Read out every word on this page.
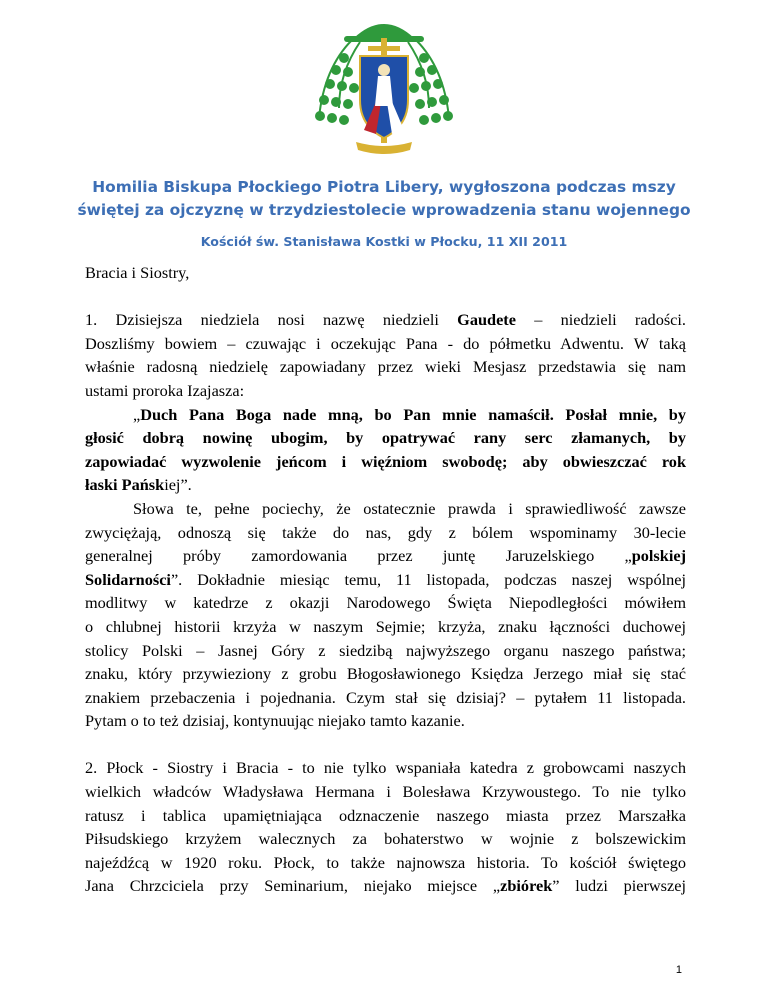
Homilia Biskupa Płockiego Piotra Libery, wygłoszona podczas mszy
świętej za ojczyznę w trzydziestolecie wprowadzenia stanu wojennego
Kościół św. Stanisława Kostki w Płocku, 11 XII 2011

Bracia i Siostry,

1. Dzisiejsza niedziela nosi nazwę niedzieli Gaudete – niedzieli radości.

Doszliśmy bowiem – czuwając i oczekując Pana - do półmetku Adwentu. W taką

właśnie radosną niedzielę zapowiadany przez wieki Mesjasz przedstawia się nam

ustami proroka Izajasza:

„Duch Pana Boga nade mną, bo Pan mnie namaścił. Posłał mnie, by

głosić dobrą nowinę ubogim, by opatrywać rany serc złamanych, by

zapowiadać wyzwolenie jeńcom i więźniom swobodę; aby obwieszczać rok

łaski Pańskiej”.

Słowa te, pełne pociechy, że ostatecznie prawda i sprawiedliwość zawsze

zwyciężają, odnoszą się także do nas, gdy z bólem wspominamy 30-lecie

generalnej próby zamordowania przez juntę Jaruzelskiego „polskiej

Solidarności”. Dokładnie miesiąc temu, 11 listopada, podczas naszej wspólnej

modlitwy w katedrze z okazji Narodowego Święta Niepodległości mówiłem

o chlubnej historii krzyża w naszym Sejmie; krzyża, znaku łączności duchowej

stolicy Polski – Jasnej Góry z siedzibą najwyższego organu naszego państwa;

znaku, który przywieziony z grobu Błogosławionego Księdza Jerzego miał się stać

znakiem przebaczenia i pojednania. Czym stał się dzisiaj? – pytałem 11 listopada.

Pytam o to też dzisiaj, kontynuując niejako tamto kazanie.

2. Płock - Siostry i Bracia - to nie tylko wspaniała katedra z grobowcami naszych

wielkich władców Władysława Hermana i Bolesława Krzywoustego. To nie tylko

ratusz i tablica upamiętniająca odznaczenie naszego miasta przez Marszałka

Piłsudskiego krzyżem walecznych za bohaterstwo w wojnie z bolszewickim

najeźdźcą w 1920 roku. Płock, to także najnowsza historia. To kościół świętego

Jana Chrzciciela przy Seminarium, niejako miejsce „zbiórek” ludzi pierwszej

1
